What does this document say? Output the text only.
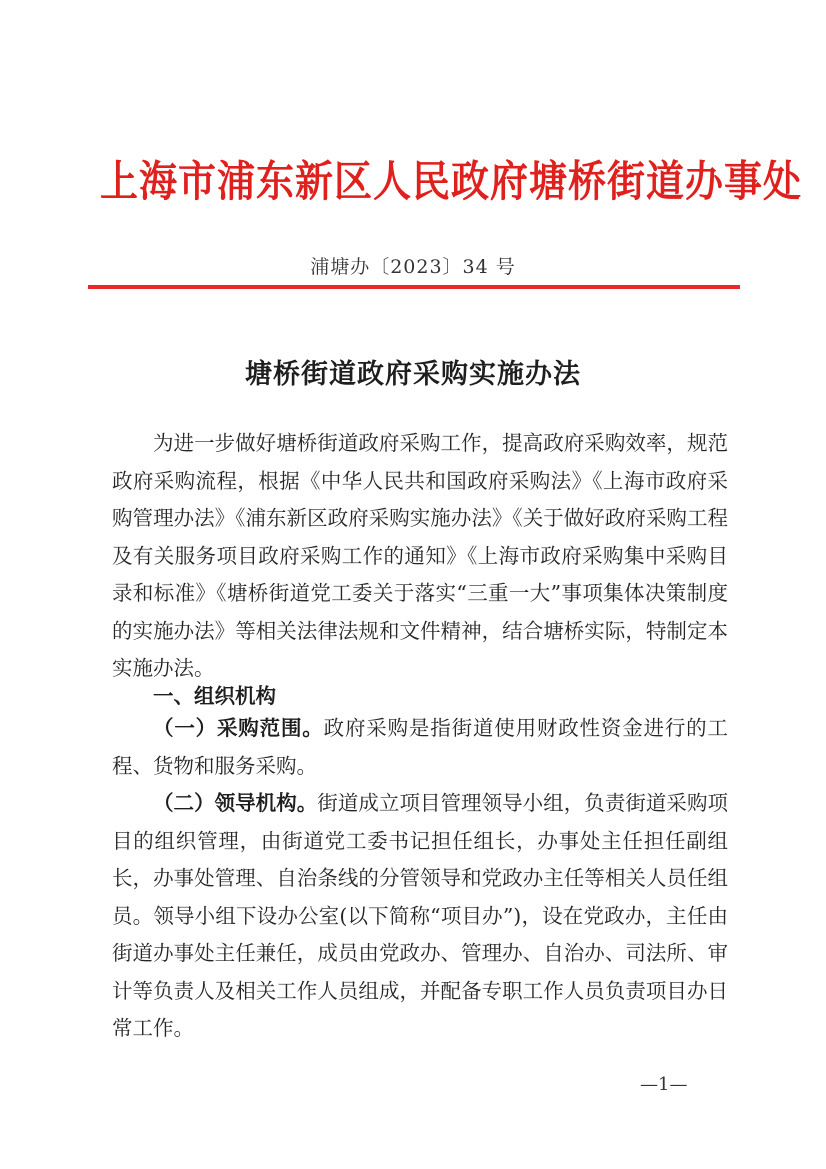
上海市浦东新区人民政府塘桥街道办事处
浦塘办〔2023〕34 号
塘桥街道政府采购实施办法
为进一步做好塘桥街道政府采购工作，提高政府采购效率，规范政府采购流程，根据《中华人民共和国政府采购法》《上海市政府采购管理办法》《浦东新区政府采购实施办法》《关于做好政府采购工程及有关服务项目政府采购工作的通知》《上海市政府采购集中采购目录和标准》《塘桥街道党工委关于落实“三重一大”事项集体决策制度的实施办法》等相关法律法规和文件精神，结合塘桥实际，特制定本实施办法。
一、组织机构
（一）采购范围。政府采购是指街道使用财政性资金进行的工程、货物和服务采购。
（二）领导机构。街道成立项目管理领导小组，负责街道采购项目的组织管理，由街道党工委书记担任组长，办事处主任担任副组长，办事处管理、自治条线的分管领导和党政办主任等相关人员任组员。领导小组下设办公室(以下简称“项目办”)，设在党政办，主任由街道办事处主任兼任，成员由党政办、管理办、自治办、司法所、审计等负责人及相关工作人员组成，并配备专职工作人员负责项目办日常工作。
—1—
